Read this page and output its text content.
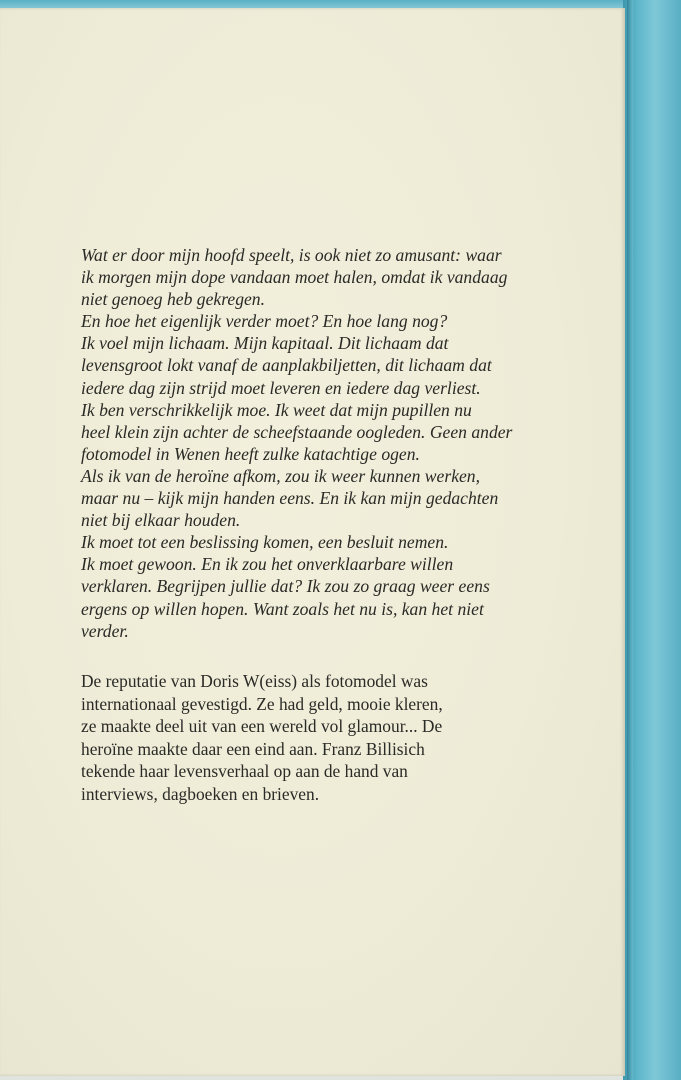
Wat er door mijn hoofd speelt, is ook niet zo amusant: waar
ik morgen mijn dope vandaan moet halen, omdat ik vandaag
niet genoeg heb gekregen.
En hoe het eigenlijk verder moet? En hoe lang nog?
Ik voel mijn lichaam. Mijn kapitaal. Dit lichaam dat
levensgroot lokt vanaf de aanplakbiljetten, dit lichaam dat
iedere dag zijn strijd moet leveren en iedere dag verliest.
Ik ben verschrikkelijk moe. Ik weet dat mijn pupillen nu
heel klein zijn achter de scheefstaande oogleden. Geen ander
fotomodel in Wenen heeft zulke katachtige ogen.
Als ik van de heroïne afkom, zou ik weer kunnen werken,
maar nu – kijk mijn handen eens. En ik kan mijn gedachten
niet bij elkaar houden.
Ik moet tot een beslissing komen, een besluit nemen.
Ik moet gewoon. En ik zou het onverklaarbare willen
verklaren. Begrijpen jullie dat? Ik zou zo graag weer eens
ergens op willen hopen. Want zoals het nu is, kan het niet
verder.

De reputatie van Doris W(eiss) als fotomodel was
internationaal gevestigd. Ze had geld, mooie kleren,
ze maakte deel uit van een wereld vol glamour... De
heroïne maakte daar een eind aan. Franz Billisich
tekende haar levensverhaal op aan de hand van
interviews, dagboeken en brieven.
